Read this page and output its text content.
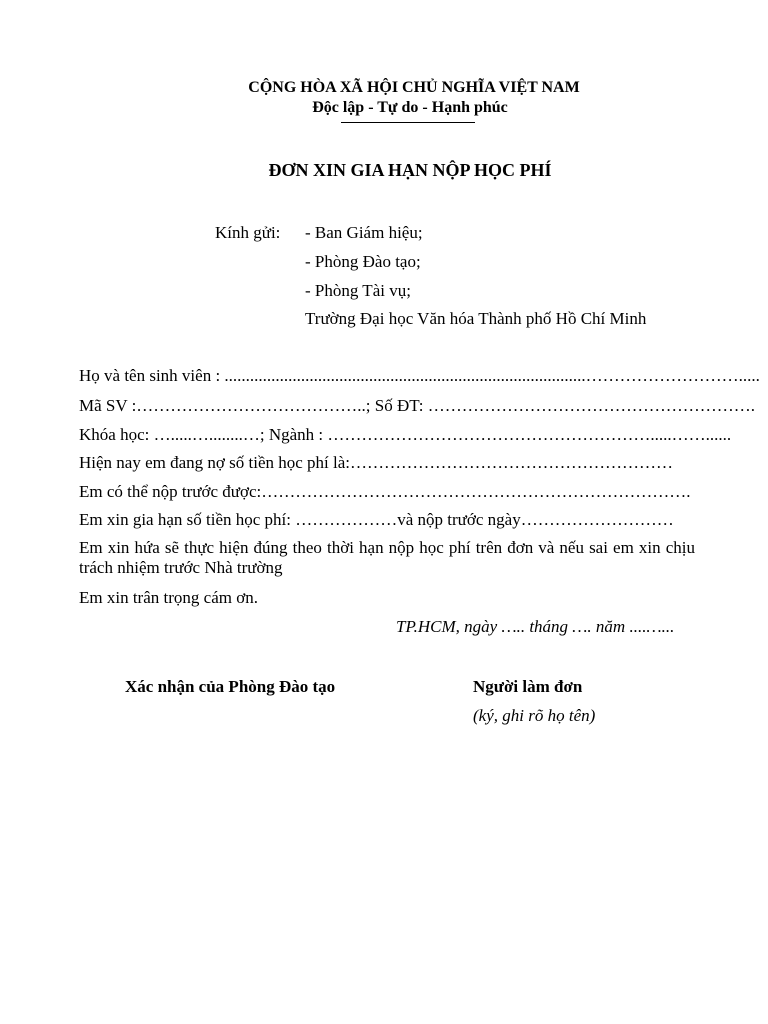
CỘNG HÒA XÃ HỘI CHỦ NGHĨA VIỆT NAM
Độc lập - Tự do - Hạnh phúc
ĐƠN XIN GIA HẠN NỘP HỌC PHÍ
Kính gửi: - Ban Giám hiệu;
- Phòng Đào tạo;
- Phòng Tài vụ;
Trường Đại học Văn hóa Thành phố Hồ Chí Minh
Họ và tên sinh viên : .....................................................................................……………………….....
Mã SV :…………………………………..; Số ĐT: ………………………………………………….
Khóa học: ….....…........…; Ngành : ………………………………………………….....……......
Hiện nay em đang nợ số tiền học phí là:…………………………………………………
Em có thể nộp trước được:………………………………………………………………….
Em xin gia hạn số tiền học phí: ………………và nộp trước ngày………………………
Em xin hứa sẽ thực hiện đúng theo thời hạn nộp học phí trên đơn và nếu sai em xin chịu trách nhiệm trước Nhà trường
Em xin trân trọng cám ơn.
TP.HCM, ngày ….. tháng …. năm ....…...
Xác nhận của Phòng Đào tạo	Người làm đơn
(ký, ghi rõ họ tên)
